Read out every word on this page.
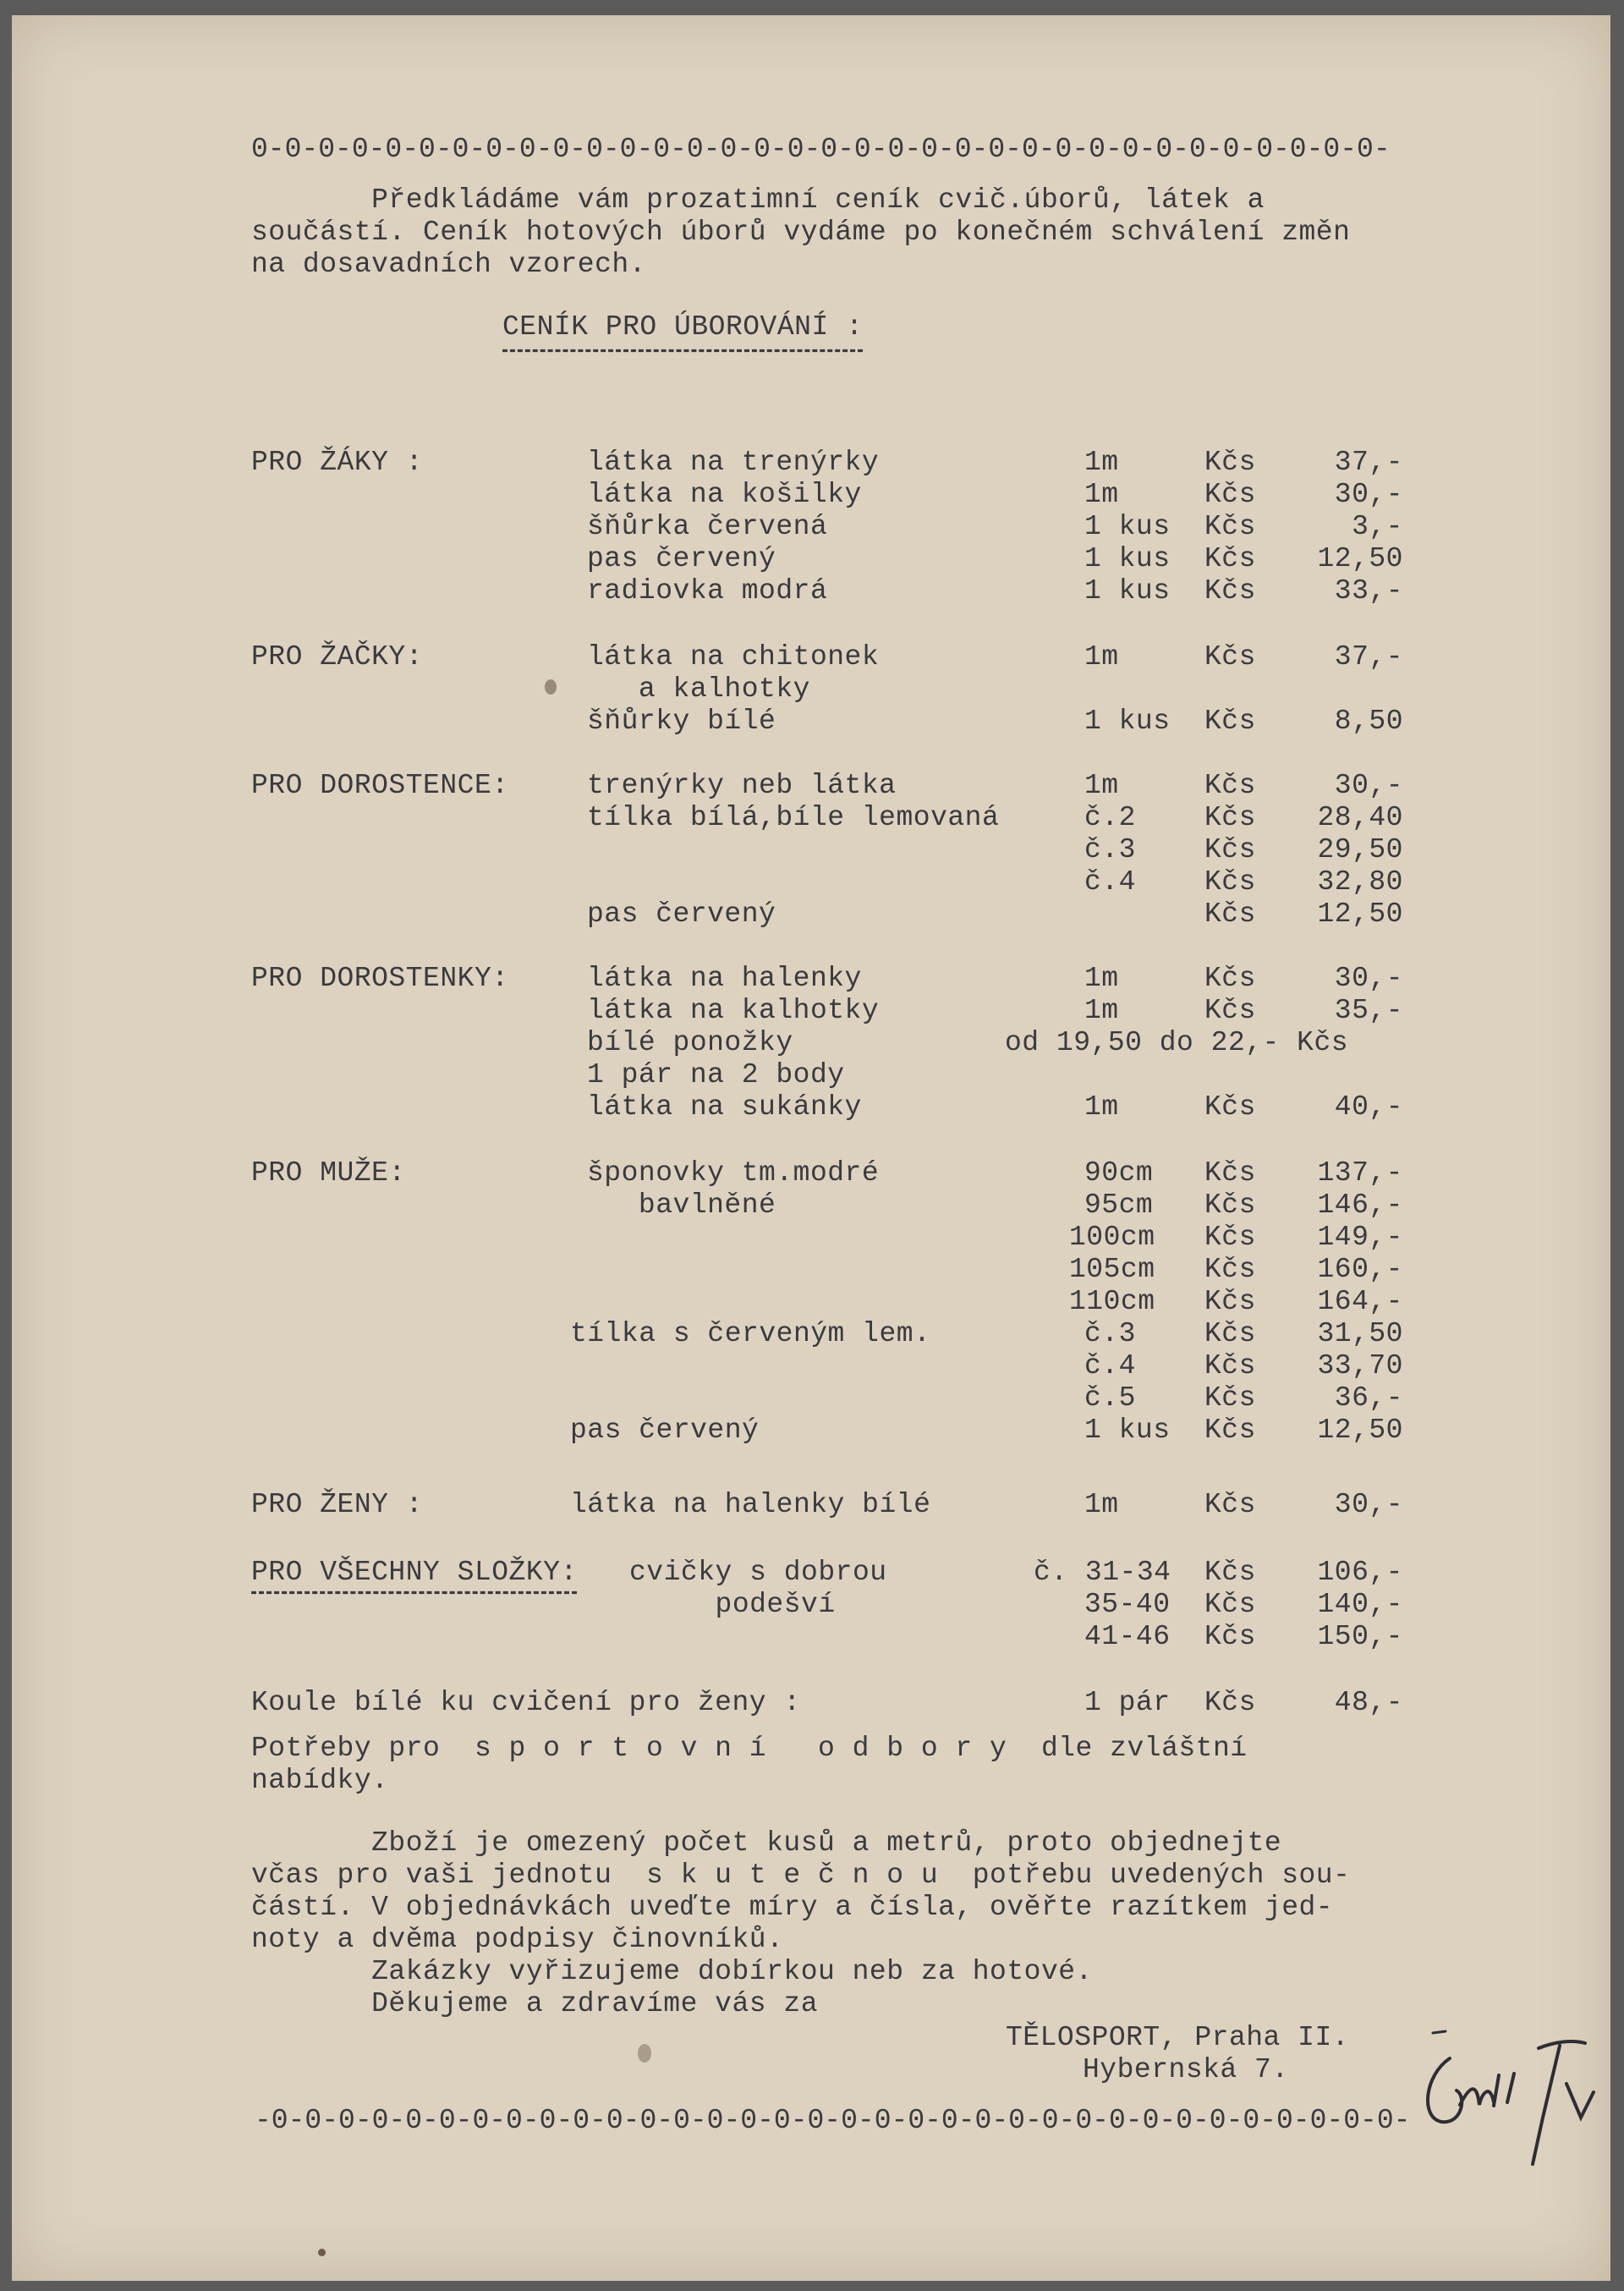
0-0-0-0-0-0-0-0-0-0-0-0-0-0-0-0-0-0-0-0-0-0-0-0-0-0-0-0-0-0-0-0-0-0-
Předkládáme vám prozatimní ceník cvič.úborů, látek a
součástí. Ceník hotových úborů vydáme po konečném schválení změn
na dosavadních vzorech.
CENÍK PRO ÚBOROVÁNÍ :
Potřeby pro  s p o r t o v n í   o d b o r y  dle zvláštní
nabídky.
Zboží je omezený počet kusů a metrů, proto objednejte
včas pro vaši jednotu  s k u t e č n o u  potřebu uvedených sou-
částí. V objednávkách uveďte míry a čísla, ověřte razítkem jed-
noty a dvěma podpisy činovníků.
Zakázky vyřizujeme dobírkou neb za hotové.
Děkujeme a zdravíme vás za
TĚLOSPORT, Praha II.
Hybernská 7.
-0-0-0-0-0-0-0-0-0-0-0-0-0-0-0-0-0-0-0-0-0-0-0-0-0-0-0-0-0-0-0-0-0-0-
PRO ŽÁKY :	látka na trenýrky	1m	Kčs	37,-
látka na košilky	1m	Kčs	30,-
šňůrka červená	1 kus Kčs	3,-
pas červený	1 kus Kčs 12,50
radiovka modrá	1 kus Kčs	33,-
PRO ŽAČKY:	látka na chitonek	1m	Kčs	37,-
a kalhotky
šňůrky bílé	1 kus Kčs	8,50
PRO DOROSTENCE:	trenýrky neb látka	1m	Kčs	30,-
tílka bílá,bíle lemovaná	č.2 Kčs 28,40
č.3 Kčs 29,50
č.4 Kčs 32,80
pas červený	Kčs 12,50
PRO DOROSTENKY:	látka na halenky	1m	Kčs	30,-
látka na kalhotky	1m	Kčs	35,-
bílé ponožky	od 19,50 do 22,- Kčs
1 pár na 2 body
látka na sukánky	1m	Kčs	40,-
PRO MUŽE:	šponovky tm.modré	90cm Kčs 137,-
bavlněné	95cm Kčs 146,-
100cm Kčs 149,-
105cm Kčs 160,-
110cm Kčs 164,-
tílka s červeným lem.	č.3 Kčs 31,50
č.4 Kčs 33,70
č.5 Kčs	36,-
pas červený	1 kus Kčs 12,50
PRO ŽENY :	látka na halenky bílé	1m	Kčs	30,-
PRO VŠECHNY SLOŽKY: cvičky s dobrou	č. 31-34 Kčs 106,-
podešví	35-40 Kčs 140,-
41-46 Kčs 150,-
Koule bílé ku cvičení pro ženy :	1 pár Kčs	48,-
